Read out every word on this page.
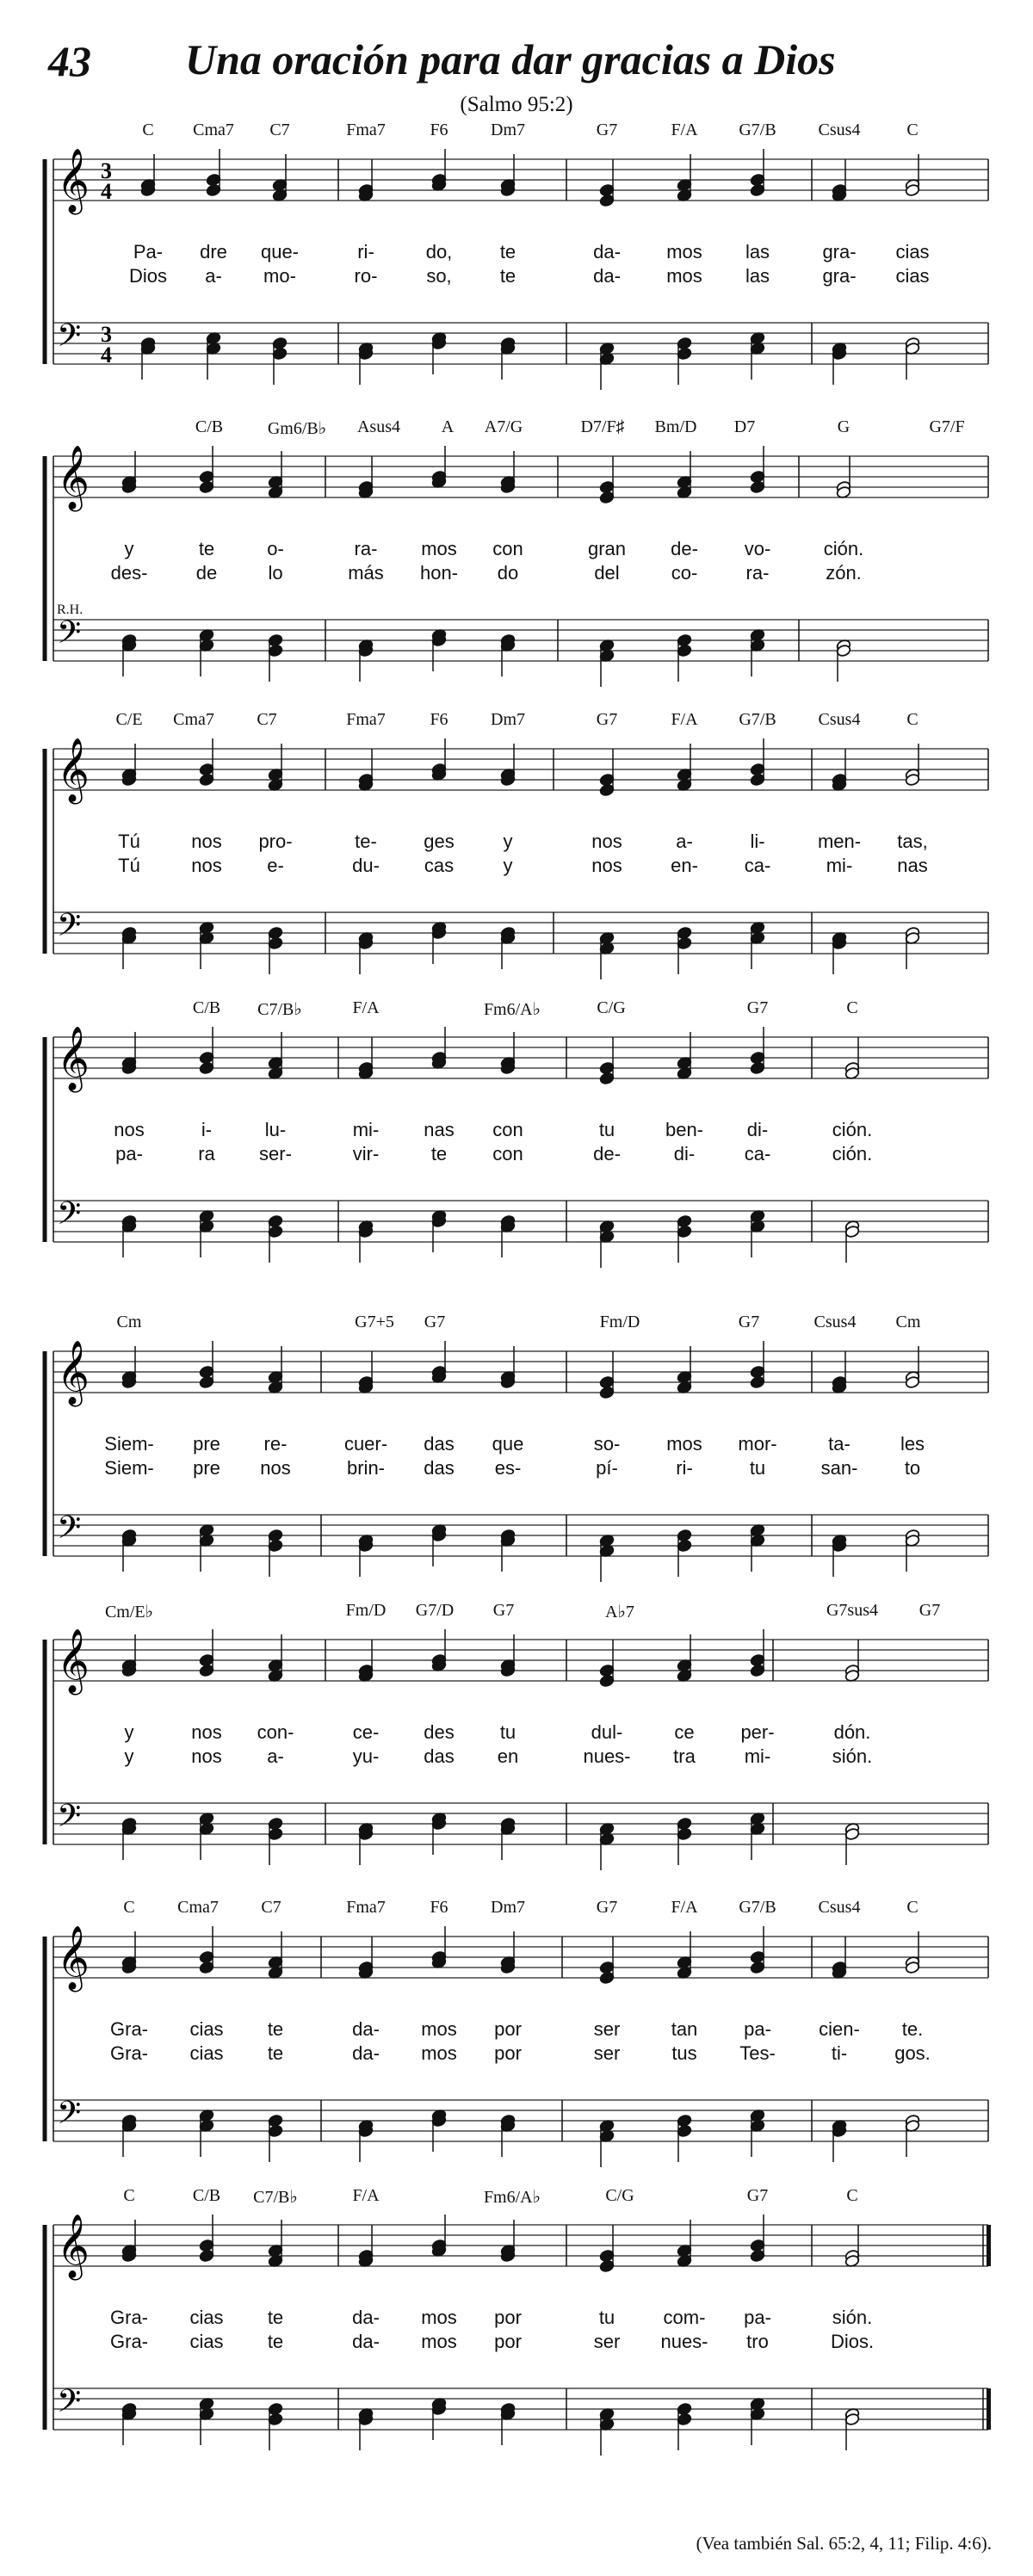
43 Una oración para dar gracias a Dios
(Salmo 95:2)
𝄞
𝄢
3
4
3
4
C Cma7 C7	Fma7	F6 Dm7	G7	F/A G7/B Csus4	C
Pa- dre que-	ri-	do,	te	da- mos las	gra- cias
Dios a- mo-	ro-	so,	te	da- mos las	gra- cias
𝄞
𝄢
C/B	Gm6/B♭ Asus4 A A7/G	D7/F♯ Bm/D D7	G	G7/F
y	te	o-	ra- mos con	gran de- vo-	ción.
des-	de	lo	más hon- do	del	co-	ra-	zón.
R.H.
𝄞
𝄢
C/E Cma7 C7	Fma7	F6 Dm7	G7	F/A G7/B Csus4	C
Tú	nos pro-	te- ges	y	nos	a-	li-	men- tas,
Tú	nos e-	du- cas	y	nos	en- ca-	mi- nas
𝄞
𝄢
C/B C7/B♭	F/A	Fm6/A♭	C/G	G7	C
nos	i-	lu-	mi- nas con	tu	ben- di-	ción.
pa-	ra ser-	vir-	te con	de-	di-	ca-	ción.
𝄞
𝄢
Cm	G7+5 G7	Fm/D	G7	Csus4 Cm
Siem- pre re-	cuer- das que	so- mos mor-	ta-	les
Siem- pre nos	brin- das es-	pí-	ri-	tu	san- to
𝄞
𝄢
Cm/E♭	Fm/D G7/D G7	A♭7	G7sus4 G7
y	nos con-	ce- des tu	dul-	ce per-	dón.
y	nos a-	yu- das en	nues- tra	mi-	sión.
𝄞
𝄢
C Cma7 C7	Fma7	F6 Dm7	G7	F/A G7/B Csus4	C
Gra- cias te	da- mos por	ser	tan pa-	cien- te.
Gra- cias te	da- mos por	ser	tus Tes-	ti-	gos.
𝄞
𝄢
C	C/B C7/B♭	F/A	Fm6/A♭	C/G	G7	C
Gra- cias te	da- mos por	tu	com- pa-	sión.
Gra- cias te	da- mos por	ser nues- tro	Dios.
(Vea también Sal. 65:2, 4, 11; Filip. 4:6).
